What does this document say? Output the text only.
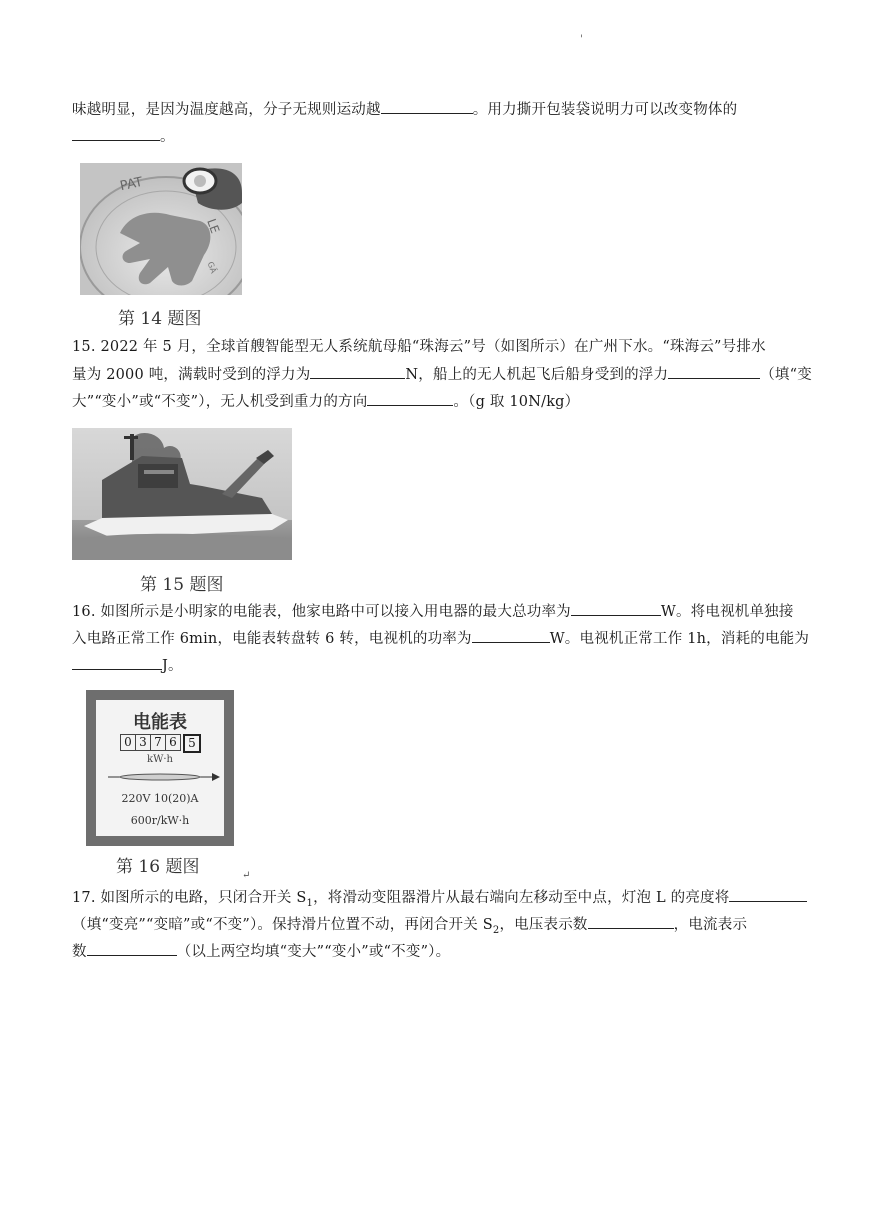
'
味越明显，是因为温度越高，分子无规则运动越	。用力撕开包装袋说明力可以改变物体的
。
PAT
LE
GĀ
第 14 题图
15. 2022 年 5 月，全球首艘智能型无人系统航母船“珠海云”号（如图所示）在广州下水。“珠海云”号排水
量为 2000 吨，满载时受到的浮力为	N，船上的无人机起飞后船身受到的浮力	（填“变
大”“变小”或“不变”），无人机受到重力的方向	。（g 取 10N/kg）
第 15 题图
16. 如图所示是小明家的电能表，他家电路中可以接入用电器的最大总功率为	W。将电视机单独接
入电路正常工作 6min，电能表转盘转 6 转，电视机的功率为	W。电视机正常工作 1h，消耗的电能为
J。
电能表
0 3 7 6 5
kW·h
220V 10(20)A
600r/kW·h
第 16 题图	↵
17. 如图所示的电路，只闭合开关 $S_1$，将滑动变阻器滑片从最右端向左移动至中点，灯泡 L 的亮度将
（填“变亮”“变暗”或“不变”）。保持滑片位置不动，再闭合开关 $S_2$，电压表示数	，电流表示
数	（以上两空均填“变大”“变小”或“不变”）。
